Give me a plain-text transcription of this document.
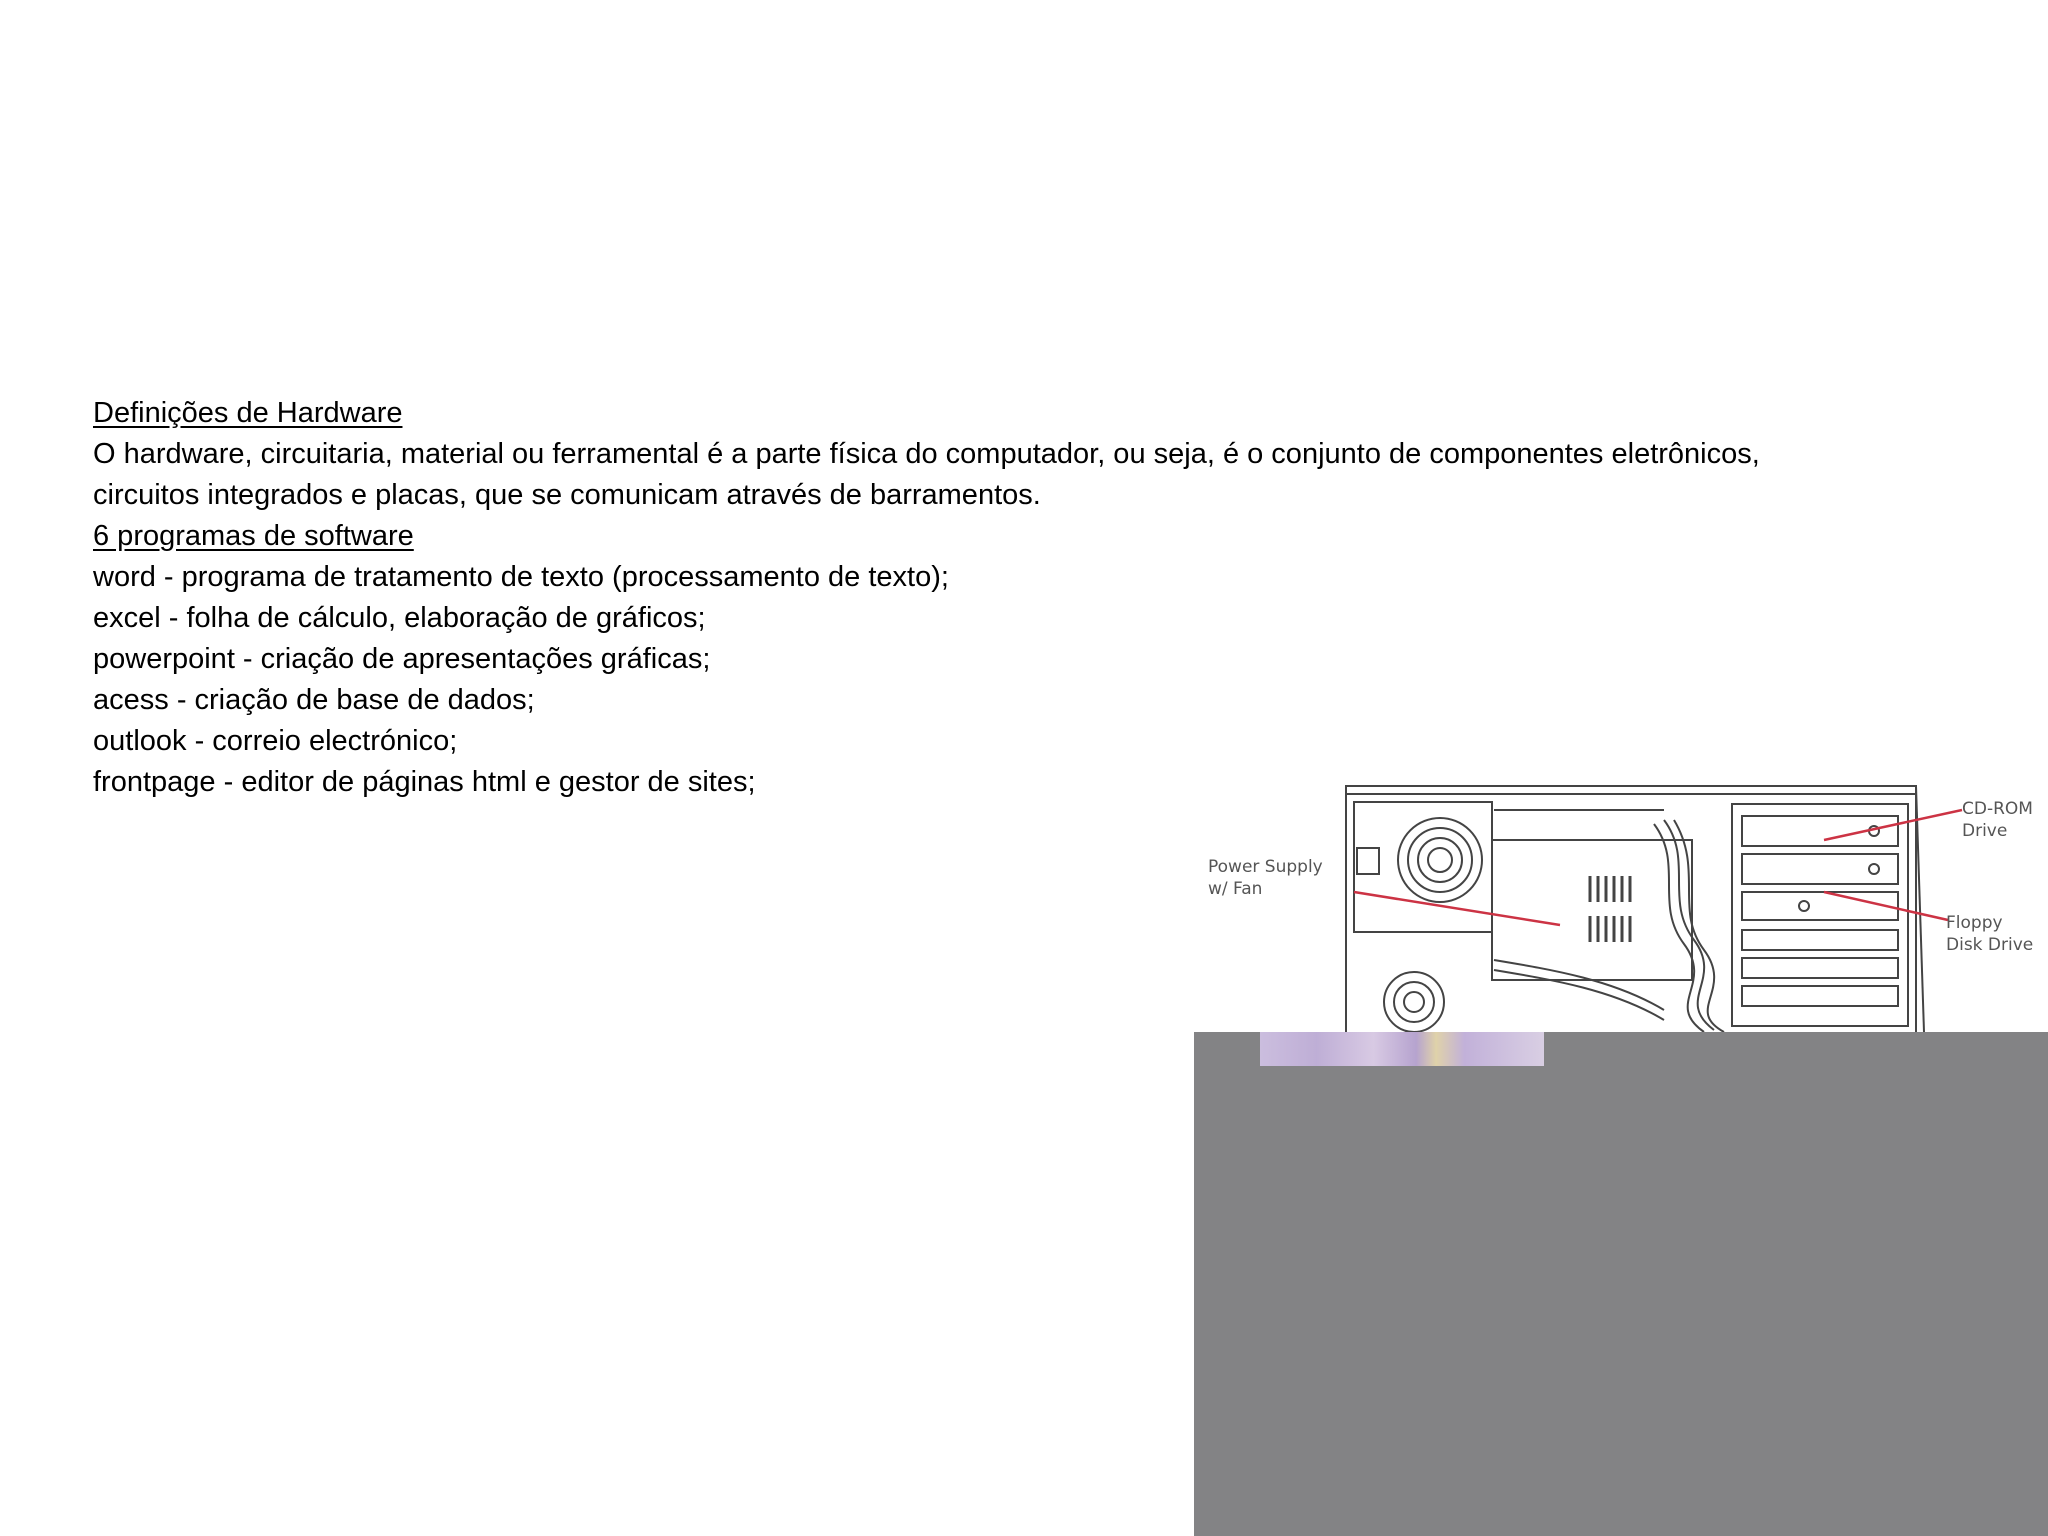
Definições de Hardware
O hardware, circuitaria, material ou ferramental é a parte física do computador, ou seja, é o conjunto de componentes eletrônicos,
circuitos integrados e placas, que se comunicam através de barramentos.
6 programas de software
word - programa de tratamento de texto (processamento de texto);
excel - folha de cálculo, elaboração de gráficos;
powerpoint - criação de apresentações gráficas;
acess - criação de base de dados;
outlook - correio electrónico;
frontpage - editor de páginas html e gestor de sites;
Power Supply
w/ Fan
CD-ROM
Drive
Floppy
Disk Drive
